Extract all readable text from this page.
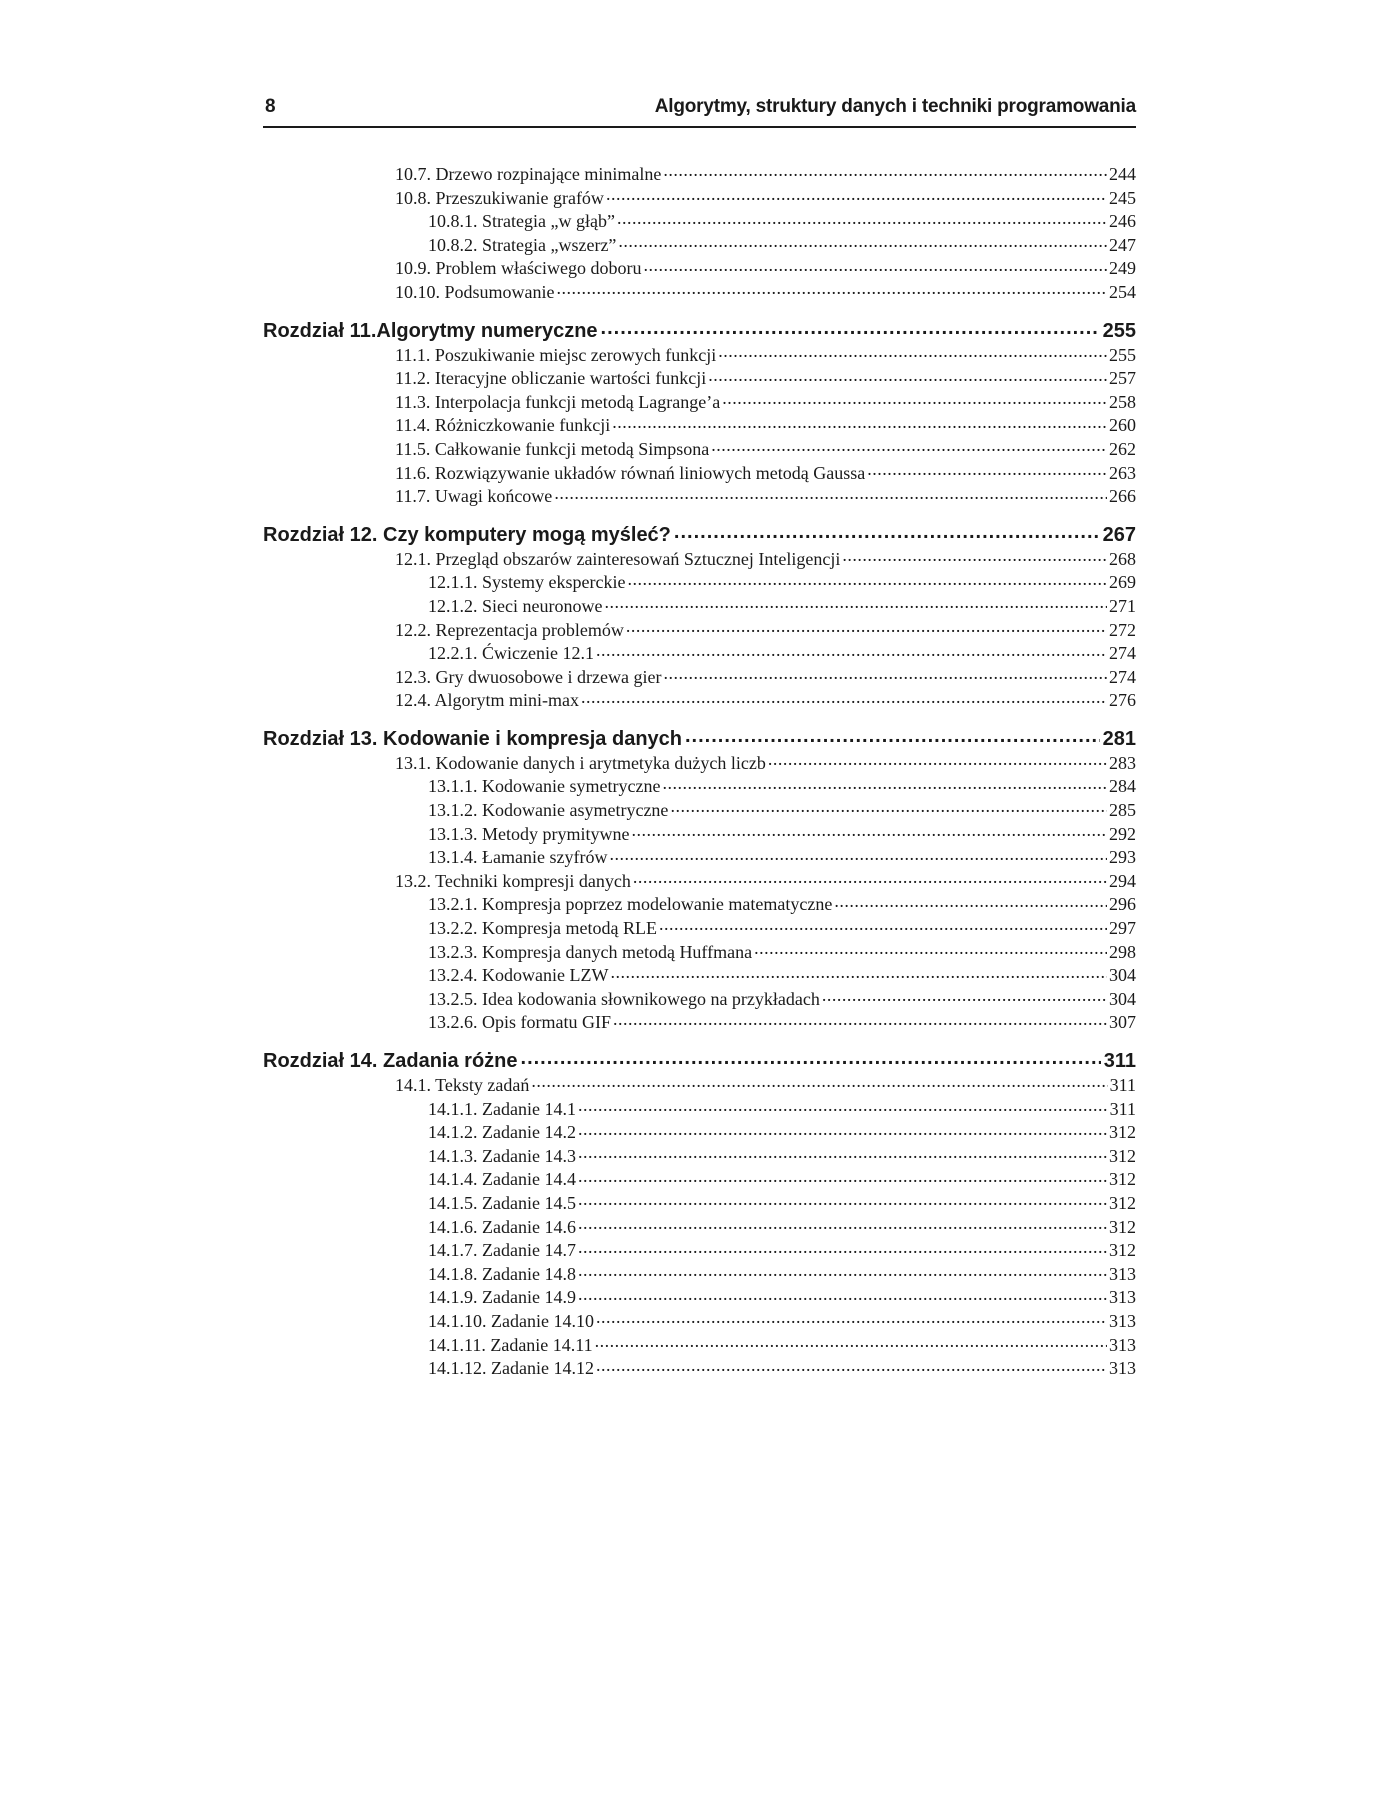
8	Algorytmy, struktury danych i techniki programowania
10.7. Drzewo rozpinające minimalne .....	244
10.8. Przeszukiwanie grafów .....	245
10.8.1. Strategia „w głąb” .....	246
10.8.2. Strategia „wszerz” .....	247
10.9. Problem właściwego doboru .....	249
10.10. Podsumowanie .....	254
Rozdział 11.Algorytmy numeryczne .....	255
11.1. Poszukiwanie miejsc zerowych funkcji .....	255
11.2. Iteracyjne obliczanie wartości funkcji .....	257
11.3. Interpolacja funkcji metodą Lagrange’a .....	258
11.4. Różniczkowanie funkcji .....	260
11.5. Całkowanie funkcji metodą Simpsona .....	262
11.6. Rozwiązywanie układów równań liniowych metodą Gaussa .....	263
11.7. Uwagi końcowe .....	266
Rozdział 12. Czy komputery mogą myśleć? .....	267
12.1. Przegląd obszarów zainteresowań Sztucznej Inteligencji .....	268
12.1.1. Systemy eksperckie .....	269
12.1.2. Sieci neuronowe .....	271
12.2. Reprezentacja problemów .....	272
12.2.1. Ćwiczenie 12.1 .....	274
12.3. Gry dwuosobowe i drzewa gier .....	274
12.4. Algorytm mini-max .....	276
Rozdział 13. Kodowanie i kompresja danych .....	281
13.1. Kodowanie danych i arytmetyka dużych liczb .....	283
13.1.1. Kodowanie symetryczne .....	284
13.1.2. Kodowanie asymetryczne .....	285
13.1.3. Metody prymitywne .....	292
13.1.4. Łamanie szyfrów .....	293
13.2. Techniki kompresji danych .....	294
13.2.1. Kompresja poprzez modelowanie matematyczne .....	296
13.2.2. Kompresja metodą RLE .....	297
13.2.3. Kompresja danych metodą Huffmana .....	298
13.2.4. Kodowanie LZW .....	304
13.2.5. Idea kodowania słownikowego na przykładach .....	304
13.2.6. Opis formatu GIF .....	307
Rozdział 14. Zadania różne .....	311
14.1. Teksty zadań .....	311
14.1.1. Zadanie 14.1 .....	311
14.1.2. Zadanie 14.2 .....	312
14.1.3. Zadanie 14.3 .....	312
14.1.4. Zadanie 14.4 .....	312
14.1.5. Zadanie 14.5 .....	312
14.1.6. Zadanie 14.6 .....	312
14.1.7. Zadanie 14.7 .....	312
14.1.8. Zadanie 14.8 .....	313
14.1.9. Zadanie 14.9 .....	313
14.1.10. Zadanie 14.10 .....	313
14.1.11. Zadanie 14.11 .....	313
14.1.12. Zadanie 14.12 .....	313
